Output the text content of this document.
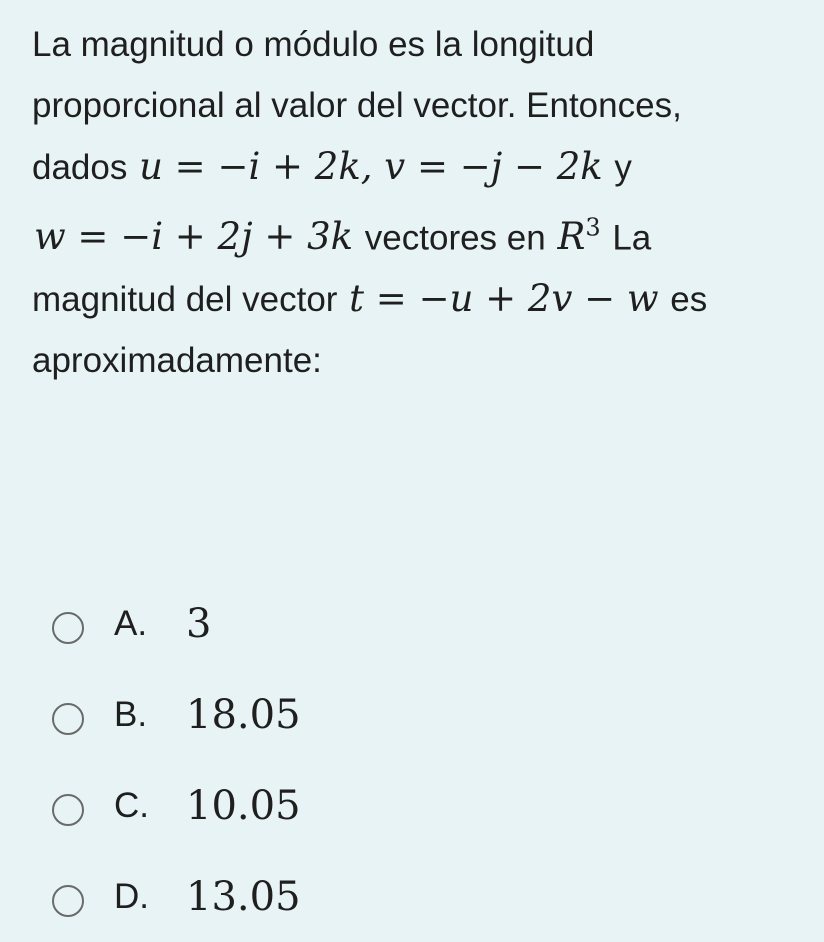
La magnitud o módulo es la longitud
proporcional al valor del vector. Entonces,
dados u = −i + 2k, v = −j − 2k y
w = −i + 2j + 3k vectores en $R^3$ La
magnitud del vector t = −u + 2v − w es
aproximadamente:
A. 3
B. 18.05
C. 10.05
D. 13.05
